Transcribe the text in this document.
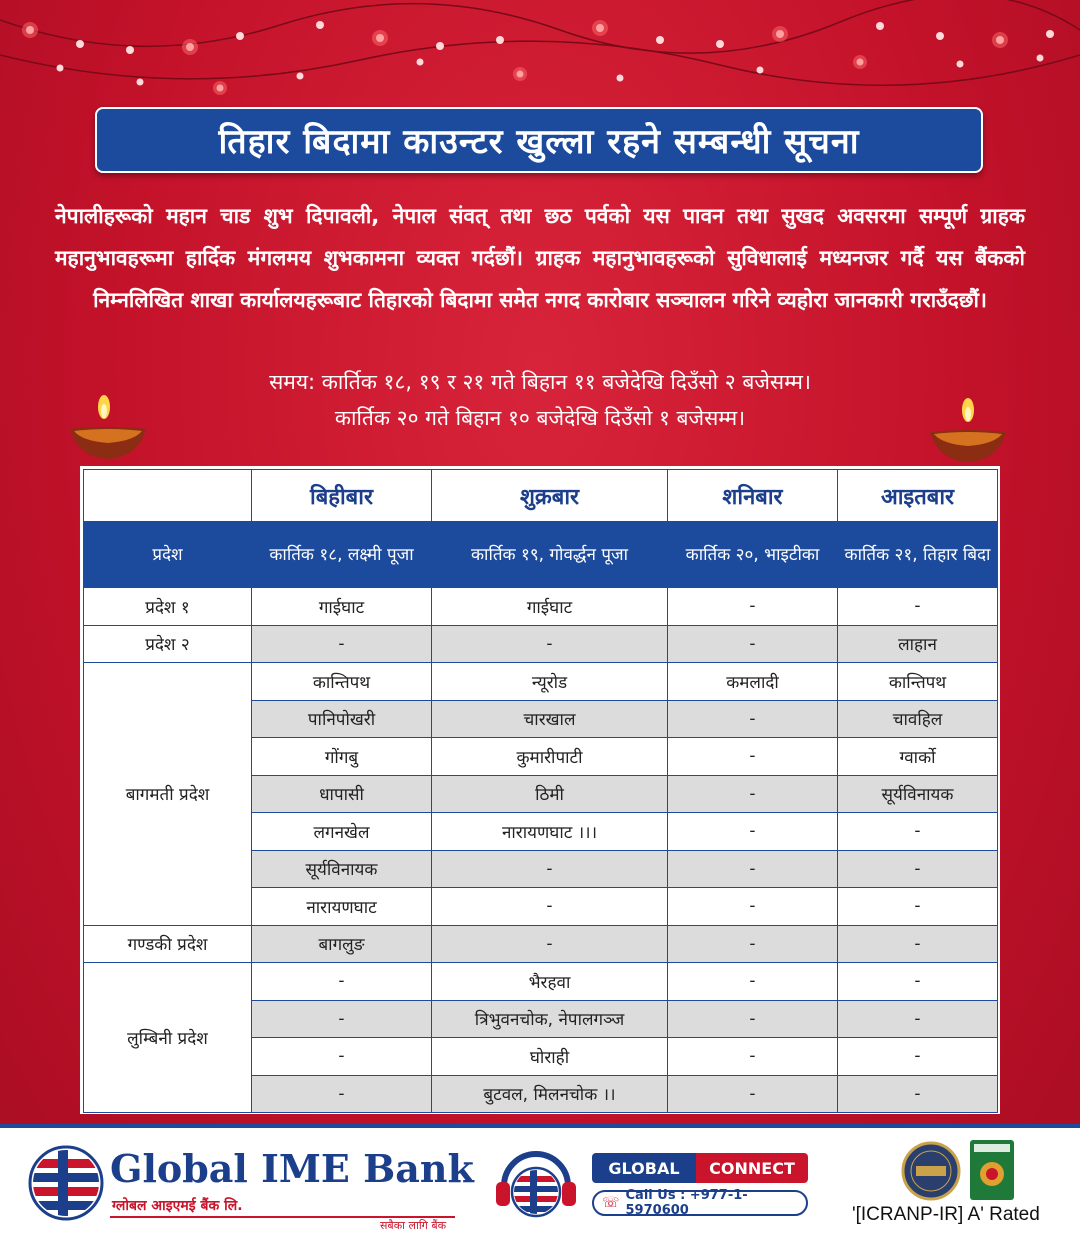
तिहार बिदामा काउन्टर खुल्ला रहने सम्बन्धी सूचना
नेपालीहरूको महान चाड शुभ दिपावली, नेपाल संवत् तथा छठ पर्वको यस पावन तथा सुखद अवसरमा सम्पूर्ण ग्राहक महानुभावहरूमा हार्दिक मंगलमय शुभकामना व्यक्त गर्दछौं। ग्राहक महानुभावहरूको सुविधालाई मध्यनजर गर्दै यस बैंकको निम्नलिखित शाखा कार्यालयहरूबाट तिहारको बिदामा समेत नगद कारोबार सञ्चालन गरिने व्यहोरा जानकारी गराउँदछौं।
समय: कार्तिक १८, १९ र २१ गते बिहान ११ बजेदेखि दिउँसो २ बजेसम्म।
कार्तिक २० गते बिहान १० बजेदेखि दिउँसो १ बजेसम्म।
	बिहीबार	शुक्रबार	शनिबार	आइतबार
प्रदेश	कार्तिक १८, लक्ष्मी पूजा	कार्तिक १९, गोवर्द्धन पूजा	कार्तिक २०, भाइटीका	कार्तिक २१, तिहार बिदा
प्रदेश १	गाईघाट	गाईघाट	-	-
प्रदेश २	-	-	-	लाहान
बागमती प्रदेश	कान्तिपथ	न्यूरोड	कमलादी	कान्तिपथ
	पानिपोखरी	चारखाल	-	चावहिल
	गोंगबु	कुमारीपाटी	-	ग्वार्को
	धापासी	ठिमी	-	सूर्यविनायक
	लगनखेल	नारायणघाट ।।।	-	-
	सूर्यविनायक	-	-	-
	नारायणघाट	-	-	-
गण्डकी प्रदेश	बागलुङ	-	-	-
लुम्बिनी प्रदेश	-	भैरहवा	-	-
	-	त्रिभुवनचोक, नेपालगञ्ज	-	-
	-	घोराही	-	-
	-	बुटवल, मिलनचोक ।।	-	-
Global IME Bank
ग्लोबल आइएमई बैंक लि.
सबैका लागि बैंक
GLOBAL	CONNECT
☏ Call Us : +977-1-5970600	'[ICRANP-IR] A' Rated
